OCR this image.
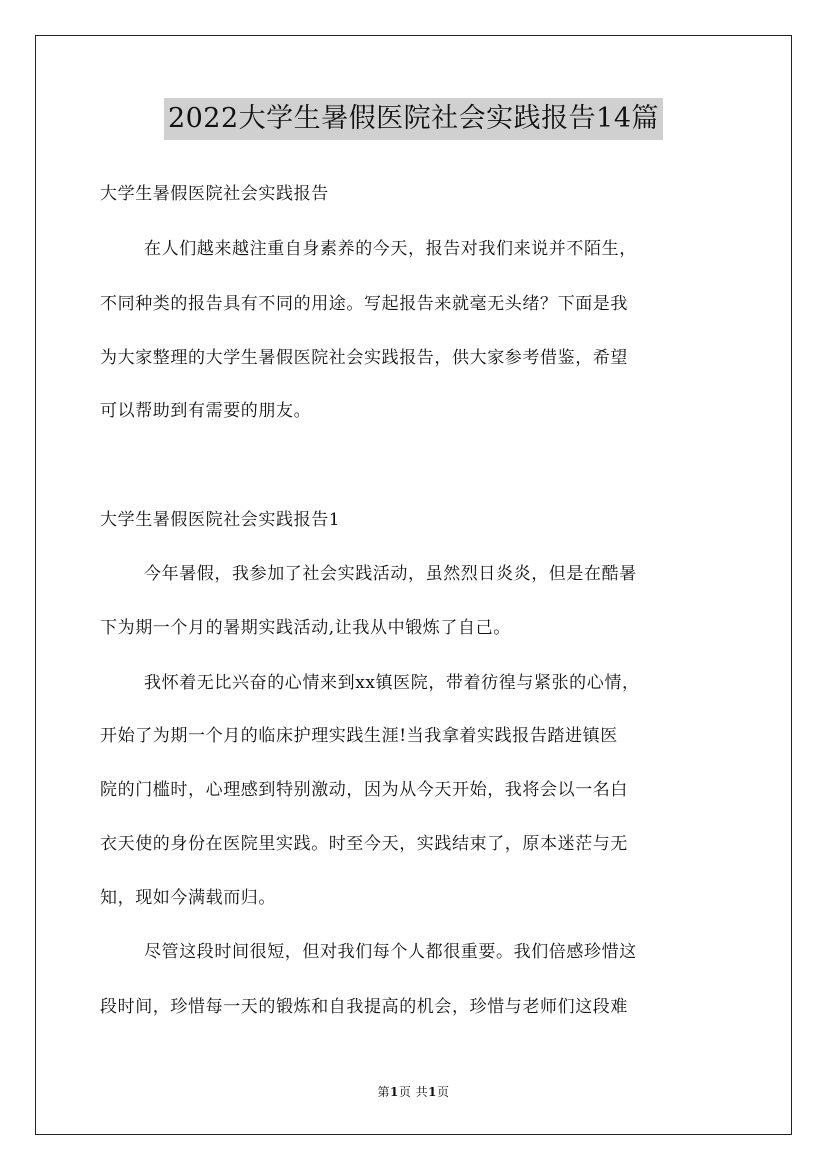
2022大学生暑假医院社会实践报告14篇
大学生暑假医院社会实践报告
在人们越来越注重自身素养的今天，报告对我们来说并不陌生，
不同种类的报告具有不同的用途。写起报告来就毫无头绪？下面是我
为大家整理的大学生暑假医院社会实践报告，供大家参考借鉴，希望
可以帮助到有需要的朋友。
大学生暑假医院社会实践报告1
今年暑假，我参加了社会实践活动，虽然烈日炎炎，但是在酷暑
下为期一个月的暑期实践活动,让我从中锻炼了自己。
我怀着无比兴奋的心情来到xx镇医院，带着彷徨与紧张的心情，
开始了为期一个月的临床护理实践生涯!当我拿着实践报告踏进镇医
院的门槛时，心理感到特别激动，因为从今天开始，我将会以一名白
衣天使的身份在医院里实践。时至今天，实践结束了，原本迷茫与无
知，现如今满载而归。
尽管这段时间很短，但对我们每个人都很重要。我们倍感珍惜这
段时间，珍惜每一天的锻炼和自我提高的机会，珍惜与老师们这段难
第1页 共1页
